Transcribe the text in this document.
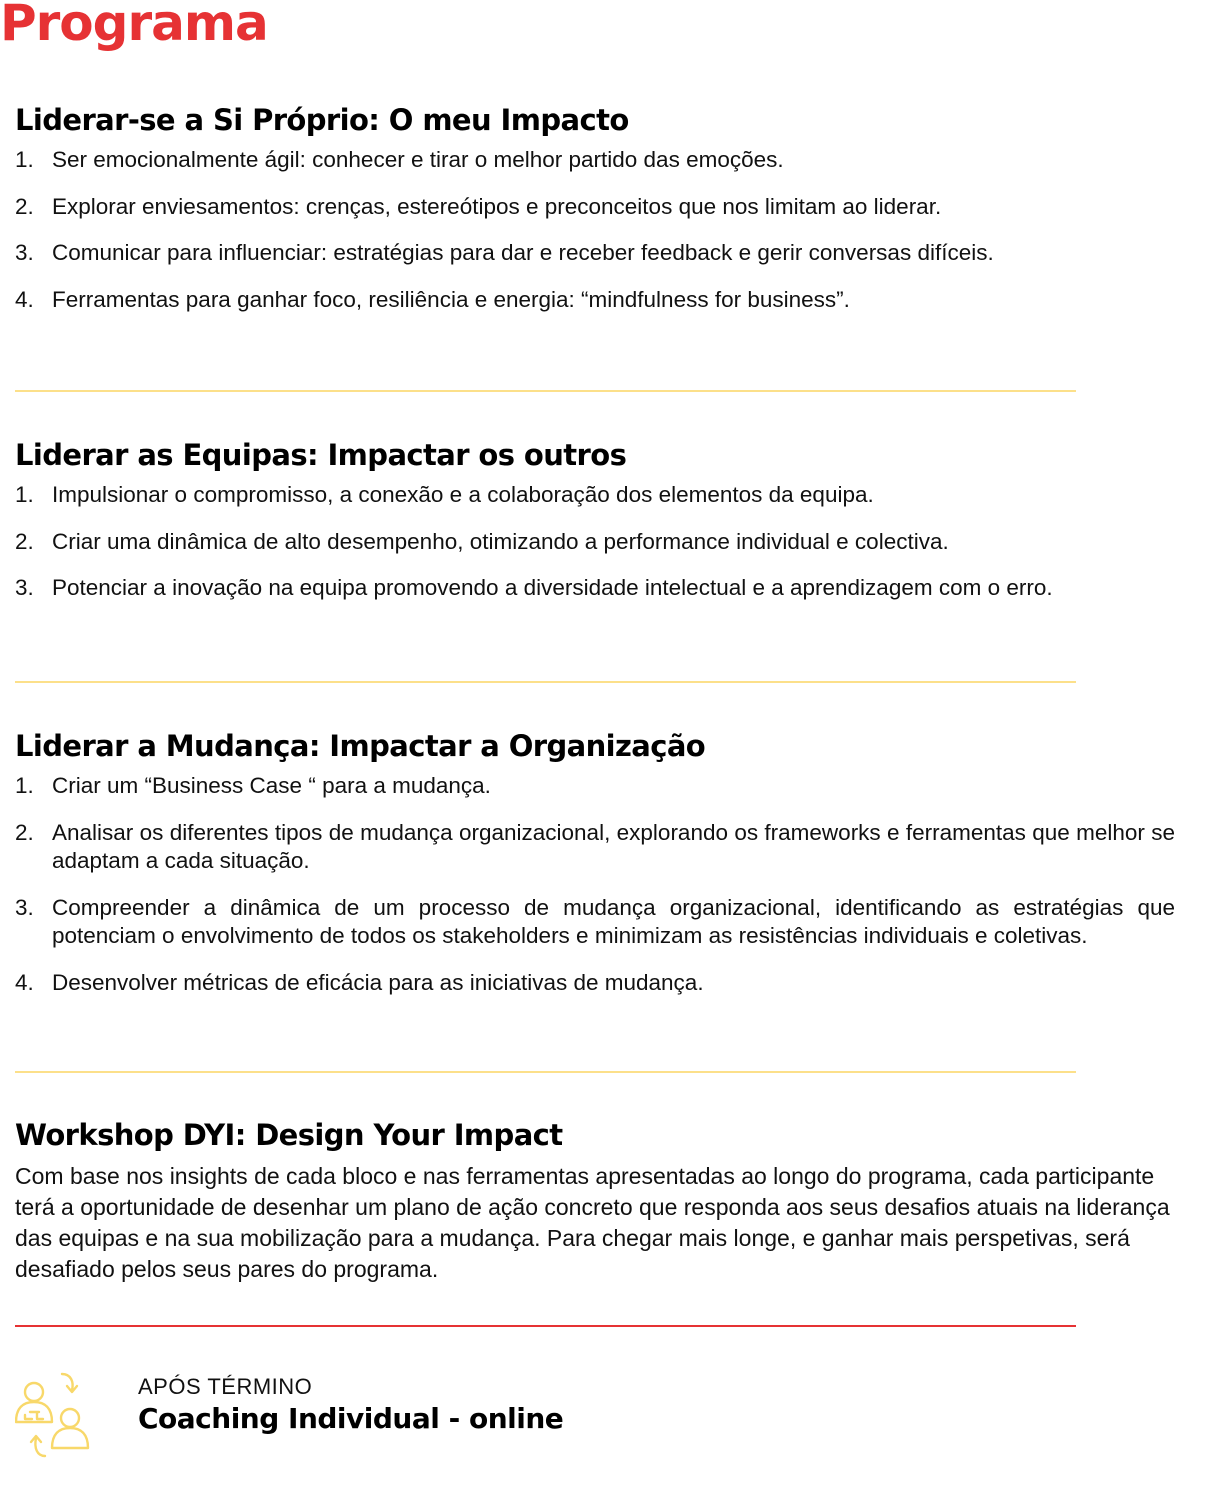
Programa
Liderar-se a Si Próprio: O meu Impacto
1. Ser emocionalmente ágil: conhecer e tirar o melhor partido das emoções.
2. Explorar enviesamentos: crenças, estereótipos e preconceitos que nos limitam ao liderar.
3. Comunicar para influenciar: estratégias para dar e receber feedback e gerir conversas difíceis.
4. Ferramentas para ganhar foco, resiliência e energia: “mindfulness for business”.
Liderar as Equipas: Impactar os outros
1. Impulsionar o compromisso, a conexão e a colaboração dos elementos da equipa.
2. Criar uma dinâmica de alto desempenho, otimizando a performance individual e colectiva.
3. Potenciar a inovação na equipa promovendo a diversidade intelectual e a aprendizagem com o erro.
Liderar a Mudança: Impactar a Organização
1. Criar um “Business Case “ para a mudança.
2. Analisar os diferentes tipos de mudança organizacional, explorando os frameworks e ferramentas que melhor se adaptam a cada situação.
3. Compreender a dinâmica de um processo de mudança organizacional, identificando as estratégias que potenciam o envolvimento de todos os stakeholders e minimizam as resistências individuais e coletivas.
4. Desenvolver métricas de eficácia para as iniciativas de mudança.
Workshop DYI: Design Your Impact

Com base nos insights de cada bloco e nas ferramentas apresentadas ao longo do programa, cada participante terá a oportunidade de desenhar um plano de ação concreto que responda aos seus desafios atuais na liderança das equipas e na sua mobilização para a mudança. Para chegar mais longe, e ganhar mais perspetivas, será desafiado pelos seus pares do programa.

APÓS TÉRMINO
Coaching Individual - online
